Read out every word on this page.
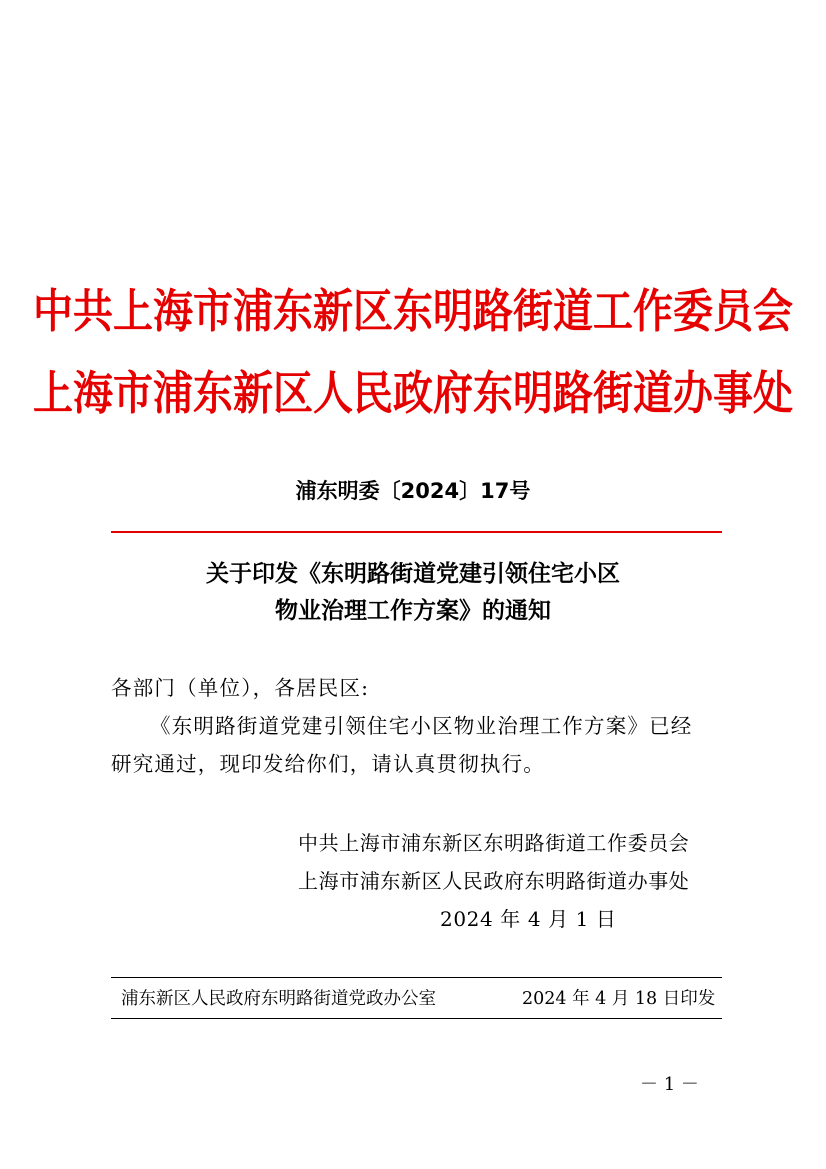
中共上海市浦东新区东明路街道工作委员会
上海市浦东新区人民政府东明路街道办事处
浦东明委〔2024〕17号
关于印发《东明路街道党建引领住宅小区
物业治理工作方案》的通知
各部门（单位），各居民区:
《东明路街道党建引领住宅小区物业治理工作方案》已经
研究通过，现印发给你们，请认真贯彻执行。
中共上海市浦东新区东明路街道工作委员会
上海市浦东新区人民政府东明路街道办事处
2024 年 4 月 1 日
浦东新区人民政府东明路街道党政办公室	2024 年 4 月 18 日印发
－ 1 －
